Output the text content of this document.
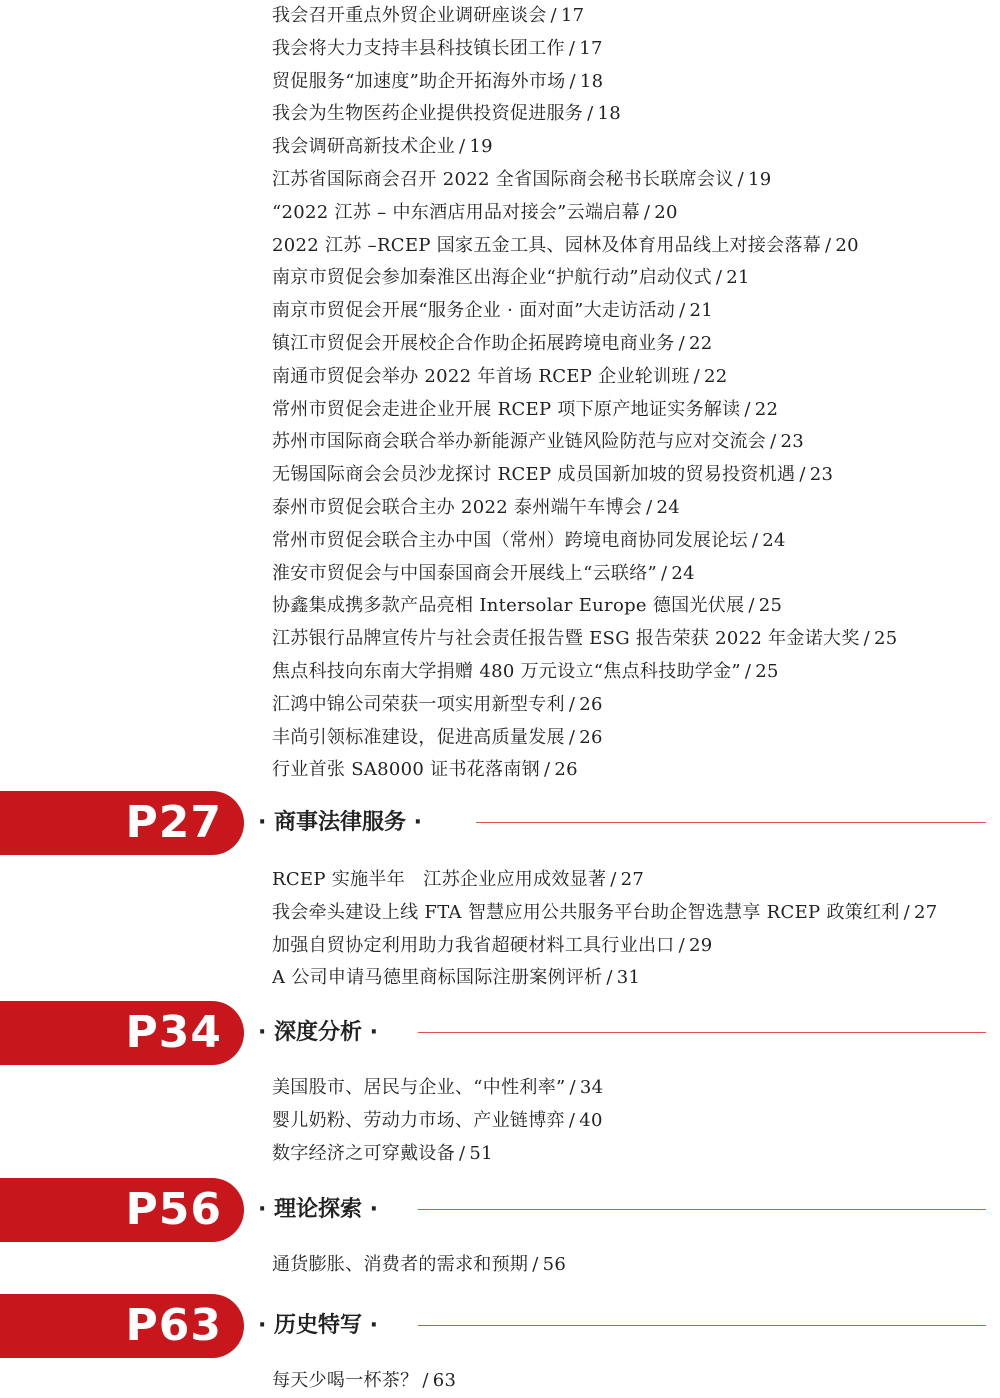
我会召开重点外贸企业调研座谈会 / 17
我会将大力支持丰县科技镇长团工作 / 17
贸促服务“加速度”助企开拓海外市场 / 18
我会为生物医药企业提供投资促进服务 / 18
我会调研高新技术企业 / 19
江苏省国际商会召开 2022 全省国际商会秘书长联席会议 / 19
“2022 江苏 – 中东酒店用品对接会”云端启幕 / 20
2022 江苏 –RCEP 国家五金工具、园林及体育用品线上对接会落幕 / 20
南京市贸促会参加秦淮区出海企业“护航行动”启动仪式 / 21
南京市贸促会开展“服务企业 · 面对面”大走访活动 / 21
镇江市贸促会开展校企合作助企拓展跨境电商业务 / 22
南通市贸促会举办 2022 年首场 RCEP 企业轮训班 / 22
常州市贸促会走进企业开展 RCEP 项下原产地证实务解读 / 22
苏州市国际商会联合举办新能源产业链风险防范与应对交流会 / 23
无锡国际商会会员沙龙探讨 RCEP 成员国新加坡的贸易投资机遇 / 23
泰州市贸促会联合主办 2022 泰州端午车博会 / 24
常州市贸促会联合主办中国（常州）跨境电商协同发展论坛 / 24
淮安市贸促会与中国泰国商会开展线上“云联络” / 24
协鑫集成携多款产品亮相 Intersolar Europe 德国光伏展 / 25
江苏银行品牌宣传片与社会责任报告暨 ESG 报告荣获 2022 年金诺大奖 / 25
焦点科技向东南大学捐赠 480 万元设立“焦点科技助学金” / 25
汇鸿中锦公司荣获一项实用新型专利 / 26
丰尚引领标准建设，促进高质量发展 / 26
行业首张 SA8000 证书花落南钢 / 26
P27 · 商事法律服务 ·
RCEP 实施半年　江苏企业应用成效显著 / 27
我会牵头建设上线 FTA 智慧应用公共服务平台助企智选慧享 RCEP 政策红利 / 27
加强自贸协定利用助力我省超硬材料工具行业出口 / 29
A 公司申请马德里商标国际注册案例评析 / 31
P34 · 深度分析 ·
美国股市、居民与企业、“中性利率” / 34
婴儿奶粉、劳动力市场、产业链博弈 / 40
数字经济之可穿戴设备 / 51
P56 · 理论探索 ·
通货膨胀、消费者的需求和预期 / 56
P63 · 历史特写 ·
每天少喝一杯茶？ / 63
